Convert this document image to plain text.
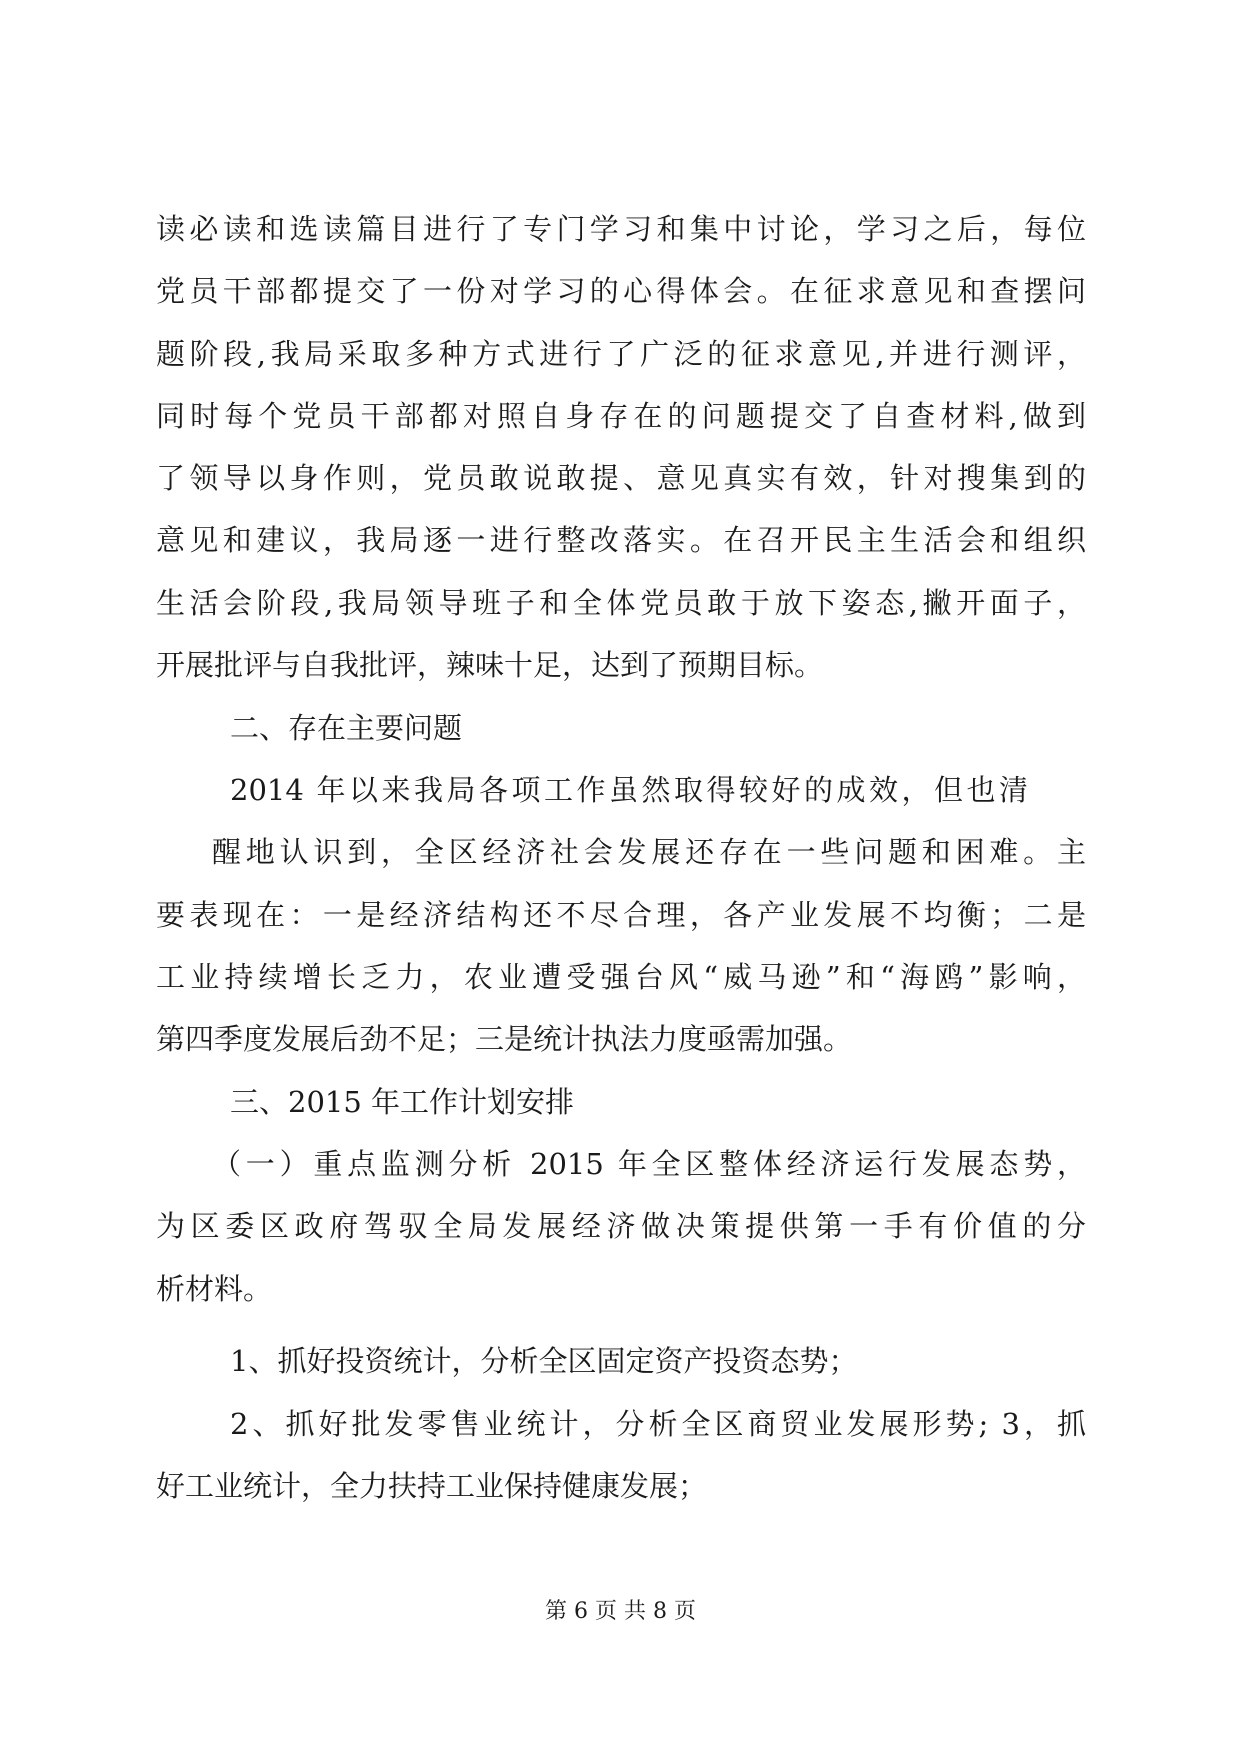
读必读和选读篇目进行了专门学习和集中讨论，学习之后，每位
党员干部都提交了一份对学习的心得体会。在征求意见和查摆问
题阶段,我局采取多种方式进行了广泛的征求意见,并进行测评，
同时每个党员干部都对照自身存在的问题提交了自查材料,做到
了领导以身作则，党员敢说敢提、意见真实有效，针对搜集到的
意见和建议，我局逐一进行整改落实。在召开民主生活会和组织
生活会阶段,我局领导班子和全体党员敢于放下姿态,撇开面子，
开展批评与自我批评，辣味十足，达到了预期目标。
二、存在主要问题
2014 年以来我局各项工作虽然取得较好的成效，但也清
醒地认识到，全区经济社会发展还存在一些问题和困难。主
要表现在：一是经济结构还不尽合理，各产业发展不均衡；二是
工业持续增长乏力，农业遭受强台风“威马逊”和“海鸥”影响，
第四季度发展后劲不足；三是统计执法力度亟需加强。
三、2015 年工作计划安排
（一）重点监测分析 2015 年全区整体经济运行发展态势，
为区委区政府驾驭全局发展经济做决策提供第一手有价值的分
析材料。
1、抓好投资统计，分析全区固定资产投资态势；
2、抓好批发零售业统计，分析全区商贸业发展形势; 3，抓
好工业统计，全力扶持工业保持健康发展；
第 6 页 共 8 页
